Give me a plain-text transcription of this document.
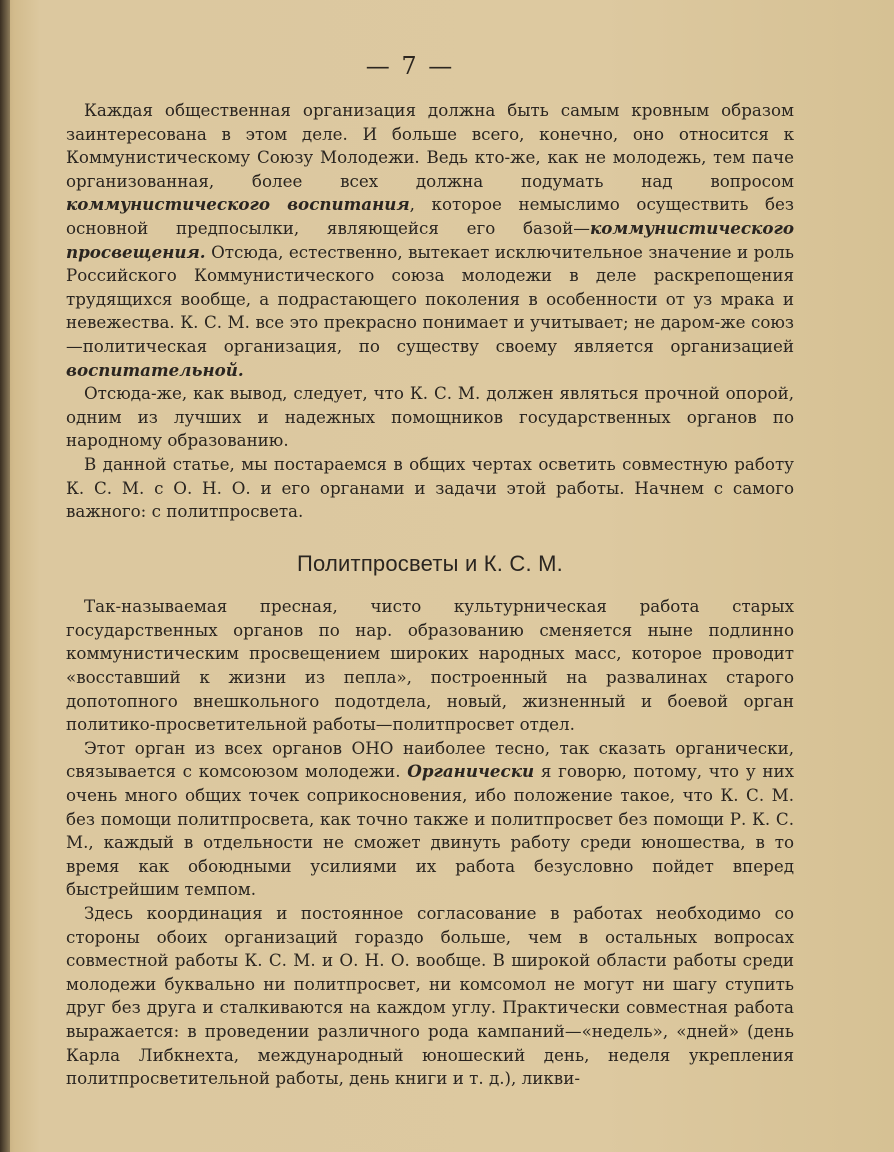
— 7 —

Каждая общественная организация должна быть самым кровным образом заинтересована в этом деле. И больше всего, конечно, оно относится к Коммунистическому Союзу Молодежи. Ведь кто-же, как не молодежь, тем паче организованная, более всех должна подумать над вопросом коммунистического воспитания, которое немыслимо осуществить без основной предпосылки, являющейся его базой—коммунистического просвещения. Отсюда, естественно, вытекает исключительное значение и роль Российского Коммунистического союза молодежи в деле раскрепощения трудящихся вообще, а подрастающего поколения в особенности от уз мрака и невежества. К. С. М. все это прекрасно понимает и учитывает; не даром-же союз—политическая организация, по существу своему является организацией воспитательной.

Отсюда-же, как вывод, следует, что К. С. М. должен являться прочной опорой, одним из лучших и надежных помощников государственных органов по народному образованию.

В данной статье, мы постараемся в общих чертах осветить совместную работу К. С. М. с О. Н. О. и его органами и задачи этой работы. Начнем с самого важного: с политпросвета.

Политпросветы и К. С. М.

Так-называемая пресная, чисто культурническая работа старых государственных органов по нар. образованию сменяется ныне подлинно коммунистическим просвещением широких народных масс, которое проводит «восставший к жизни из пепла», построенный на развалинах старого допотопного внешкольного подотдела, новый, жизненный и боевой орган политико-просветительной работы—политпросвет отдел.

Этот орган из всех органов ОНО наиболее тесно, так сказать органически, связывается с комсоюзом молодежи. Органически я говорю, потому, что у них очень много общих точек соприкосновения, ибо положение такое, что К. С. М. без помощи политпросвета, как точно также и политпросвет без помощи Р. К. С. М., каждый в отдельности не сможет двинуть работу среди юношества, в то время как обоюдными усилиями их работа безусловно пойдет вперед быстрейшим темпом.

Здесь координация и постоянное согласование в работах необходимо со стороны обоих организаций гораздо больше, чем в остальных вопросах совместной работы К. С. М. и О. Н. О. вообще. В широкой области работы среди молодежи буквально ни политпросвет, ни комсомол не могут ни шагу ступить друг без друга и сталкиваются на каждом углу. Практически совместная работа выражается: в проведении различного рода кампаний—«недель», «дней» (день Карла Либкнехта, международный юношеский день, неделя укрепления политпросветительной работы, день книги и т. д.), ликви-
